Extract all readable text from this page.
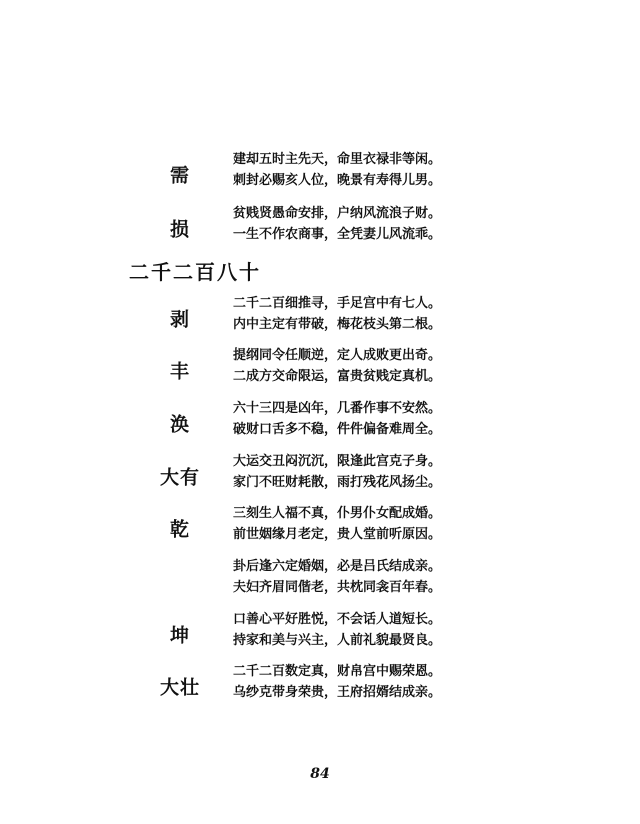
需
建却五时主先天，命里衣禄非等闲。
刺封必赐亥人位，晚景有寿得儿男。
损
贫贱贤愚命安排，户纳风流浪子财。
一生不作农商事，全凭妻儿风流乖。
二千二百八十
剥
二千二百细推寻，手足宫中有七人。
内中主定有带破，梅花枝头第二根。
丰
提纲同令任顺逆，定人成败更出奇。
二成方交命限运，富贵贫贱定真机。
涣
六十三四是凶年，几番作事不安然。
破财口舌多不稳，件件偏备难周全。
大有
大运交丑闷沉沉，限逢此宫克子身。
家门不旺财耗散，雨打残花风扬尘。
乾
三刻生人福不真，仆男仆女配成婚。
前世姻缘月老定，贵人堂前听原因。
卦后逢六定婚姻，必是吕氏结成亲。
夫妇齐眉同偕老，共枕同衾百年春。
坤
口善心平好胜悦，不会话人道短长。
持家和美与兴主，人前礼貌最贤良。
大壮
二千二百数定真，财帛宫中赐荣恩。
乌纱克带身荣贵，王府招婿结成亲。
84
